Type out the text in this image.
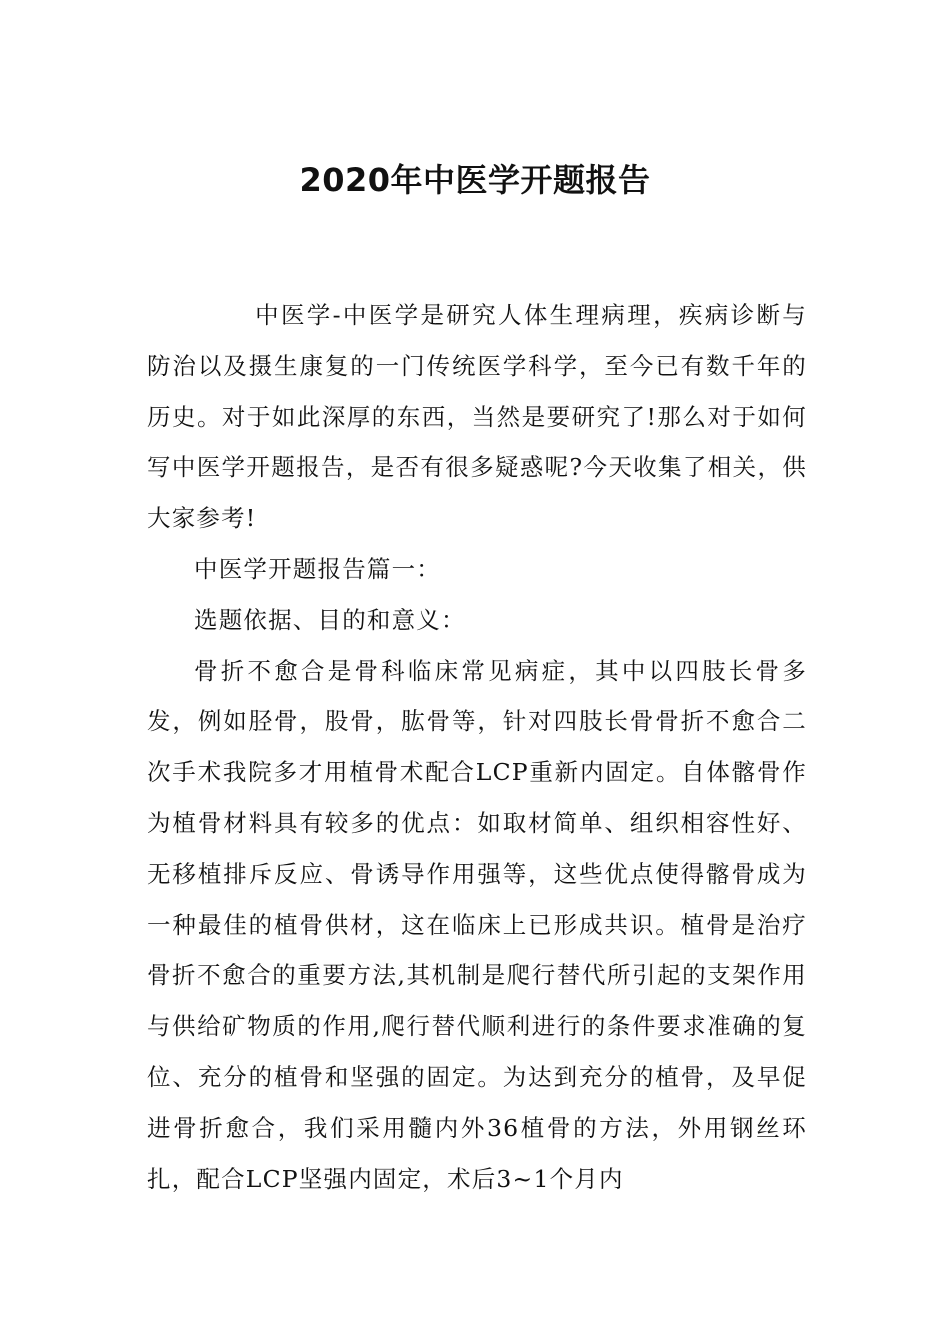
2020年中医学开题报告

中医学-中医学是研究人体生理病理，疾病诊断与防治以及摄生康复的一门传统医学科学，至今已有数千年的历史。对于如此深厚的东西，当然是要研究了!那么对于如何写中医学开题报告，是否有很多疑惑呢?今天收集了相关，供大家参考!

中医学开题报告篇一：

选题依据、目的和意义：

骨折不愈合是骨科临床常见病症，其中以四肢长骨多发，例如胫骨，股骨，肱骨等，针对四肢长骨骨折不愈合二次手术我院多才用植骨术配合LCP重新内固定。自体髂骨作为植骨材料具有较多的优点：如取材简单、组织相容性好、无移植排斥反应、骨诱导作用强等，这些优点使得髂骨成为一种最佳的植骨供材，这在临床上已形成共识。植骨是治疗骨折不愈合的重要方法,其机制是爬行替代所引起的支架作用与供给矿物质的作用,爬行替代顺利进行的条件要求准确的复位、充分的植骨和坚强的固定。为达到充分的植骨，及早促进骨折愈合，我们采用髓内外36植骨的方法，外用钢丝环扎，配合LCP坚强内固定，术后3~1个月内
